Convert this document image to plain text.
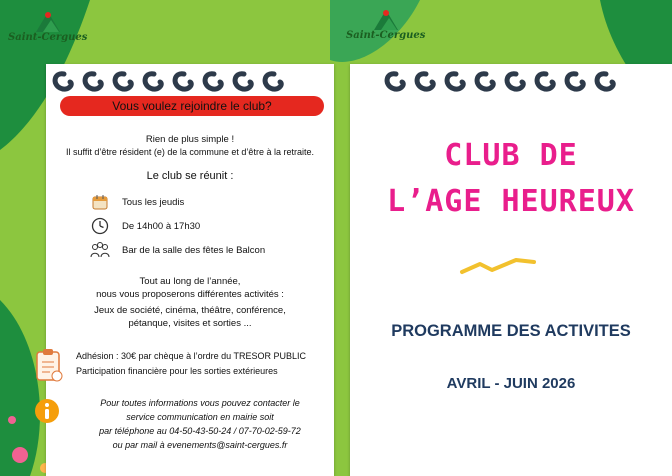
Saint-Cergues	Saint-Cergues
Vous voulez rejoindre le club?
Rien de plus simple !
Il suffit d’être résident (e) de la commune et d’être à la retraite.
Le club se réunit :
Tous les jeudis
De 14h00 à 17h30
Bar de la salle des fêtes le Balcon
Tout au long de l’année,
nous vous proposerons différentes activités :
Jeux de société, cinéma, théâtre, conférence,
pétanque, visites et sorties ...
Adhésion : 30€ par chèque à l’ordre du TRESOR PUBLIC
Participation financière pour les sorties extérieures
Pour toutes informations vous pouvez contacter le
service communication en mairie soit
par téléphone au 04-50-43-50-24 / 07-70-02-59-72
ou par mail à evenements@saint-cergues.fr
CLUB DE
L’AGE HEUREUX
PROGRAMME DES ACTIVITES
AVRIL - JUIN 2026
